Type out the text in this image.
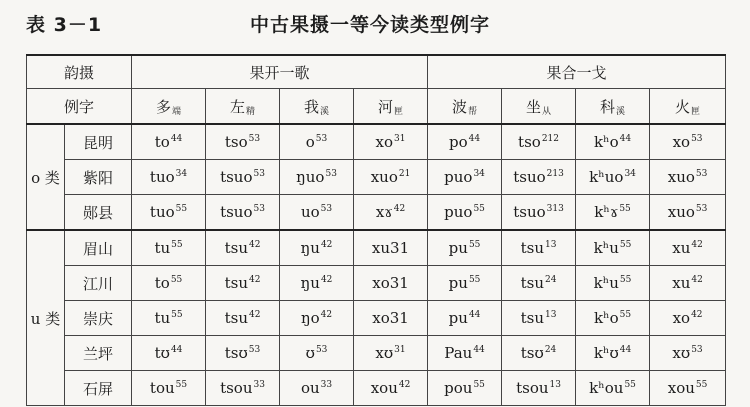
表 3－1	中古果摄一等今读类型例字
韵摄		果开一歌				果合一戈			
例字		多$_端$	左$_精$	我$_溪$	河$_匣$	波$_帮$	坐$_从$	科$_溪$	火$_匣$
o 类	昆明	$to^{44}$	tso$^{53}$	$o^{53}$	$xo^{31}$	$po^{44}$	tso$^{212}$	kʰo$^{44}$	$xo^{53}$
	紫阳	tuo$^{34}$	tsuo$^{53}$	ŋuo$^{53}$	xuo$^{21}$	puo$^{34}$	tsuo$^{213}$	kʰuo$^{34}$	xuo$^{53}$
	郧县	tuo$^{55}$	tsuo$^{53}$	$uo^{53}$	xɤ$^{42}$	puo$^{55}$	tsuo$^{313}$	kʰɤ$^{55}$	xuo$^{53}$
u 类	眉山	$tu^{55}$	tsu$^{42}$	$ŋu^{42}$	xu31	$pu^{55}$	tsu$^{13}$	kʰu$^{55}$	$xu^{42}$
	江川	$to^{55}$	tsu$^{42}$	$ŋu^{42}$	xo31	$pu^{55}$	tsu$^{24}$	kʰu$^{55}$	$xu^{42}$
	崇庆	$tu^{55}$	tsu$^{42}$	$ŋo^{42}$	xo31	$pu^{44}$	tsu$^{13}$	kʰo$^{55}$	$xo^{42}$
	兰坪	tʊ$^{44}$	tsʊ$^{53}$	ʊ$^{53}$	xʊ$^{31}$	Pau$^{44}$	tsʊ$^{24}$	kʰʊ$^{44}$	xʊ$^{53}$
	石屏	tou$^{55}$	tsou$^{33}$	$ou^{33}$	xou$^{42}$	pou$^{55}$	tsou$^{13}$	kʰou$^{55}$	xou$^{55}$
